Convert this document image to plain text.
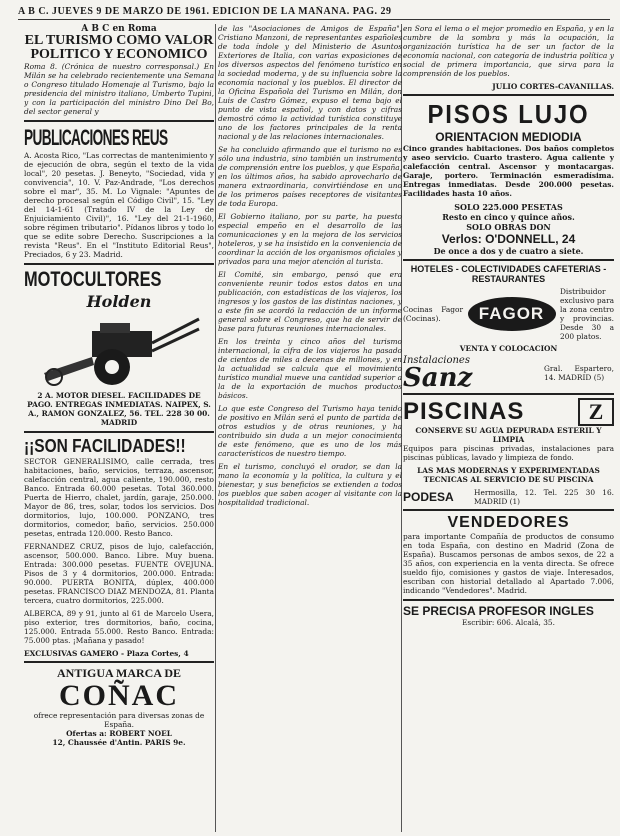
A B C. JUEVES 9 DE MARZO DE 1961. EDICION DE LA MAÑANA. PAG. 29
A B C en Roma
EL TURISMO COMO VALOR POLITICO Y ECONOMICO
Roma 8. (Crónica de nuestro corresponsal.) En Milán se ha celebrado recientemente una Semana o Congreso titulado Homenaje al Turismo, bajo la presidencia del ministro italiano, Umberto Tupini, y con la participación del ministro Dino Del Bo, del sector general y
PUBLICACIONES REUS
A. Acosta Rico, "Las correctas de mantenimiento y de ejecución de obra, según el texto de la vida local", 20 pesetas. J. Beneyto, "Sociedad, vida y convivencia", 10. V. Paz-Andrade, "Los derechos sobre el mar", 35. M. Lo Vignale: "Apuntes de derecho procesal según el Código Civil", 15. "Ley del 14-1-61 (Tratado IV de la Ley de Enjuiciamiento Civil)", 16. "Ley del 21-1-1960, sobre régimen tributario". Pídanos libros y todo lo que se edite sobre Derecho. Suscripciones a la revista "Reus". En el "Instituto Editorial Reus", Preciados, 6 y 23. Madrid.
MOTOCULTORES
Holden
2 A. MOTOR DIESEL. FACILIDADES DE PAGO. ENTREGAS INMEDIATAS. NAIPEX, S. A., RAMON GONZALEZ, 56. TEL. 228 30 00. MADRID
¡¡SON FACILIDADES!!
SECTOR GENERALISIMO, calle cerrada, tres habitaciones, baño, servicios, terraza, ascensor, calefacción central, agua caliente, 190.000, resto Banco. Entrada 60.000 pesetas. Total 360.000. Puerta de Hierro, chalet, jardín, garaje, 250.000. Mayor de 86, tres, solar, todos los servicios. Dos dormitorios, lujo, 100.000. PONZANO, tres dormitorios, comedor, baño, servicios. 250.000 pesetas, entrada 120.000. Resto Banco.
FERNANDEZ CRUZ, pisos de lujo, calefacción, ascensor, 500.000. Banco. Libre. Muy buena. Entrada: 300.000 pesetas. FUENTE OVEJUNA. Pisos de 3 y 4 dormitorios, 200.000. Entrada: 90.000. PUERTA BONITA, dúplex, 400.000 pesetas. FRANCISCO DIAZ MENDOZA, 81. Planta tercera, cuatro dormitorios, 225.000.
ALBERCA, 89 y 91, junto al 61 de Marcelo Usera, piso exterior, tres dormitorios, baño, cocina, 125.000. Entrada 55.000. Resto Banco. Entrada: 75.000 ptas. ¡Mañana y pasado!
EXCLUSIVAS GAMERO - Plaza Cortes, 4
ANTIGUA MARCA DE
COÑAC
ofrece representación para diversas zonas de España.
Ofertas a: ROBERT NOEL
12, Chaussée d'Antin. PARIS 9e.
de las "Asociaciones de Amigos de España", Cristiano Manzoni, de representantes españoles de toda índole y del Ministerio de Asuntos Exteriores de Italia, con varias exposiciones de los diversos aspectos del fenómeno turístico en la sociedad moderna, y de su influencia sobre la economía nacional y los pueblos. El director de la Oficina Española del Turismo en Milán, don Luis de Castro Gómez, expuso el tema bajo el punto de vista español, y con datos y cifras demostró cómo la actividad turística constituye uno de los factores principales de la renta nacional y de las relaciones internacionales.
Se ha concluido afirmando que el turismo no es sólo una industria, sino también un instrumento de comprensión entre los pueblos, y que España, en los últimos años, ha sabido aprovecharlo de manera extraordinaria, convirtiéndose en uno de los primeros países receptores de visitantes de toda Europa.
El Gobierno italiano, por su parte, ha puesto especial empeño en el desarrollo de las comunicaciones y en la mejora de los servicios hoteleros, y se ha insistido en la conveniencia de coordinar la acción de los organismos oficiales y privados para una mejor atención al turista.
El Comité, sin embargo, pensó que era conveniente reunir todos estos datos en una publicación, con estadísticas de los viajeros, los ingresos y los gastos de las distintas naciones, y a este fin se acordó la redacción de un informe general sobre el Congreso, que ha de servir de base para futuras reuniones internacionales.
En los treinta y cinco años del turismo internacional, la cifra de los viajeros ha pasado de cientos de miles a decenas de millones, y en la actualidad se calcula que el movimiento turístico mundial mueve una cantidad superior a la de la exportación de muchos productos básicos.
Lo que este Congreso del Turismo haya tenido de positivo en Milán será el punto de partida de otros estudios y de otras reuniones, y ha contribuido sin duda a un mejor conocimiento de este fenómeno, que es uno de los más característicos de nuestro tiempo.
En el turismo, concluyó el orador, se dan la mano la economía y la política, la cultura y el bienestar, y sus beneficios se extienden a todos los pueblos que saben acoger al visitante con la hospitalidad tradicional.
en Sora el lema o el mejor promedio en España, y en la cumbre de la sombra y más la ocupación, la organización turística ha de ser un factor de la economía nacional, con categoría de industria política y social de primera importancia, que sirva para la comprensión de los pueblos.
JULIO CORTES-CAVANILLAS.
PISOS LUJO
ORIENTACION MEDIODIA
Cinco grandes habitaciones. Dos baños completos y aseo servicio. Cuarto trastero. Agua caliente y calefacción central. Ascensor y montacargas. Garaje, portero. Terminación esmeradísima. Entregas inmediatas. Desde 200.000 pesetas. Facilidades hasta 10 años.
SOLO 225.000 PESETAS
Resto en cinco y quince años.
SOLO OBRAS DON
Verlos: O'DONNELL, 24
De once a dos y de cuatro a siete.
HOTELES - COLECTIVIDADES CAFETERIAS - RESTAURANTES
Cocinas Fagor (Cocinas).	FAGOR
Distribuidor exclusivo para la zona centro y provincias. Desde 30 a 200 platos.
VENTA Y COLOCACION
Instalaciones
Sanz	Gral. Espartero, 14. MADRID (5)
PISCINAS	Z
CONSERVE SU AGUA DEPURADA ESTERIL Y LIMPIA
Equipos para piscinas privadas, instalaciones para piscinas públicas, lavado y limpieza de fondo.
LAS MAS MODERNAS Y EXPERIMENTADAS TECNICAS AL SERVICIO DE SU PISCINA
PODESA	Hermosilla, 12. Tel. 225 30 16. MADRID (1)
VENDEDORES
para importante Compañía de productos de consumo en toda España, con destino en Madrid (Zona de España). Buscamos personas de ambos sexos, de 22 a 35 años, con experiencia en la venta directa. Se ofrece sueldo fijo, comisiones y gastos de viaje. Interesados, escriban con historial detallado al Apartado 7.006, indicando "Vendedores". Madrid.
SE PRECISA PROFESOR INGLES
Escribir: 606. Alcalá, 35.
